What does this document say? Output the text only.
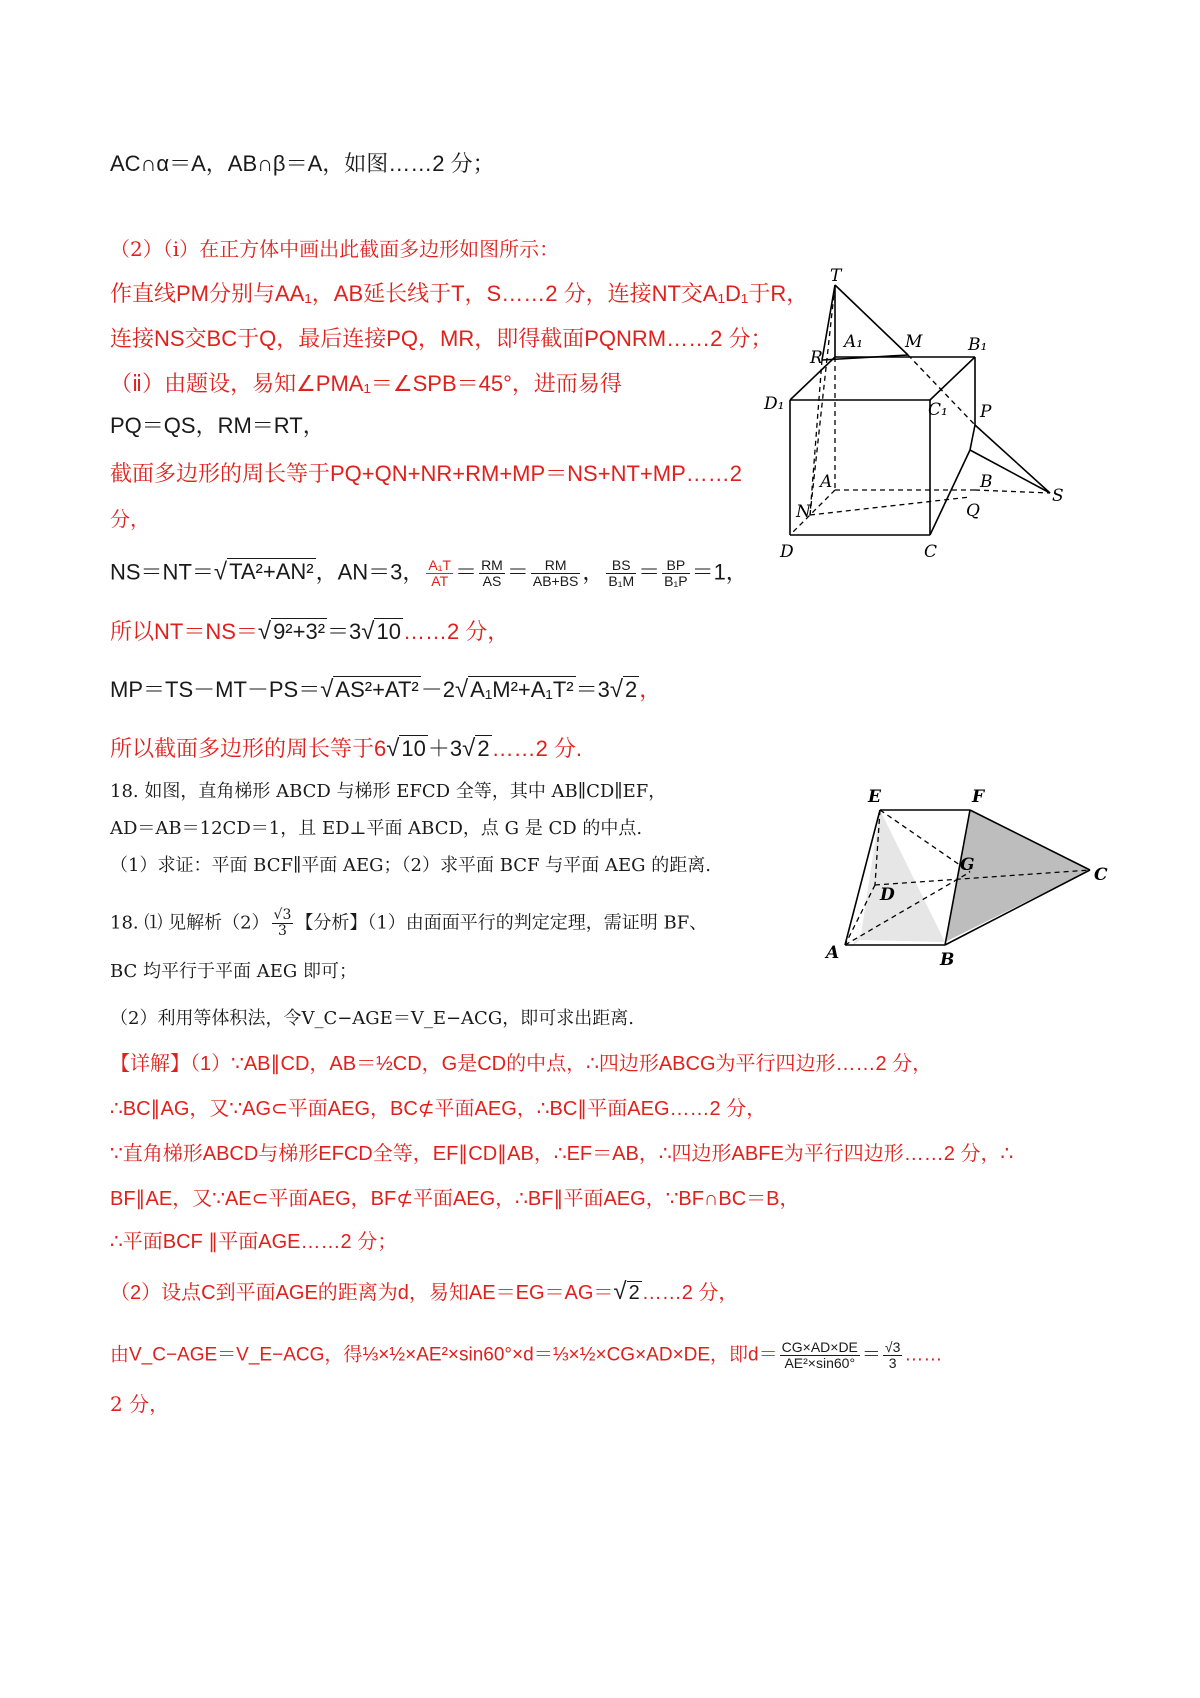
AC∩α＝A，AB∩β＝A，如图……2 分；
（2）（ⅰ）在正方体中画出此截面多边形如图所示：
作直线PM分别与AA₁，AB延长线于T，S……2 分，连接NT交A₁D₁于R，
连接NS交BC于Q，最后连接PQ，MR，即得截面PQNRM……2 分；
（ⅱ）由题设，易知∠PMA₁＝∠SPB＝45°，进而易得
PQ＝QS，RM＝RT，
截面多边形的周长等于PQ+QN+NR+RM+MP＝NS+NT+MP……2
分，
NS＝NT＝√TA²+AN²，AN＝3， $\frac{\text{A₁T}}{AT} = \frac{RM}{AS} = \frac{RM}{AB+BS}$ ， $\frac{BS}{\text{B₁M}} = \frac{BP}{\text{B₁P}} =1$，
所以NT＝NS＝√9²+3²＝3√10……2 分，
MP＝TS－MT－PS＝√AS²+AT²－2√A₁M²+A₁T²＝3√2，
所以截面多边形的周长等于6√10＋3√2……2 分.
18. 如图，直角梯形 ABCD 与梯形 EFCD 全等，其中 AB∥CD∥EF，
AD＝AB＝12CD＝1，且 ED⊥平面 ABCD，点 G 是 CD 的中点.
（1）求证：平面 BCF∥平面 AEG；（2）求平面 BCF 与平面 AEG 的距离.
18. ⑴ 见解析$(2) \frac{√3}{3}$ 【分析】（1）由面面平行的判定定理，需证明 BF、
BC 均平行于平面 AEG 即可；
（2）利用等体积法，令V_C−AGE＝V_E−ACG，即可求出距离.
【详解】（1）∵AB∥CD，AB＝½CD，G是CD的中点，∴四边形ABCG为平行四边形……2 分，
∴BC∥AG，又∵AG⊂平面AEG，BC⊄平面AEG，∴BC∥平面AEG……2 分，
∵直角梯形ABCD与梯形EFCD全等，EF∥CD∥AB，∴EF＝AB，∴四边形ABFE为平行四边形……2 分，∴
BF∥AE，又∵AE⊂平面AEG，BF⊄平面AEG，∴BF∥平面AEG，∵BF∩BC＝B，
∴平面BCF ∥平面AGE……2 分；
（2）设点C到平面AGE的距离为d，易知AE＝EG＝AG＝√ 2 ……2 分，
由V_C−AGE＝V_E−ACG，得⅓×½×AE²×sin60°×d＝⅓×½×CG×AD×DE，即$d= \frac{CG\times AD\times DE}{\text{AE²×sin60°}} = \frac{√3}{3}$ ……
2 分，
T
A₁ M	B₁
R
D₁	C₁ P
A	B
S
N	Q
D	C
E	F
G
D
C
A	B
